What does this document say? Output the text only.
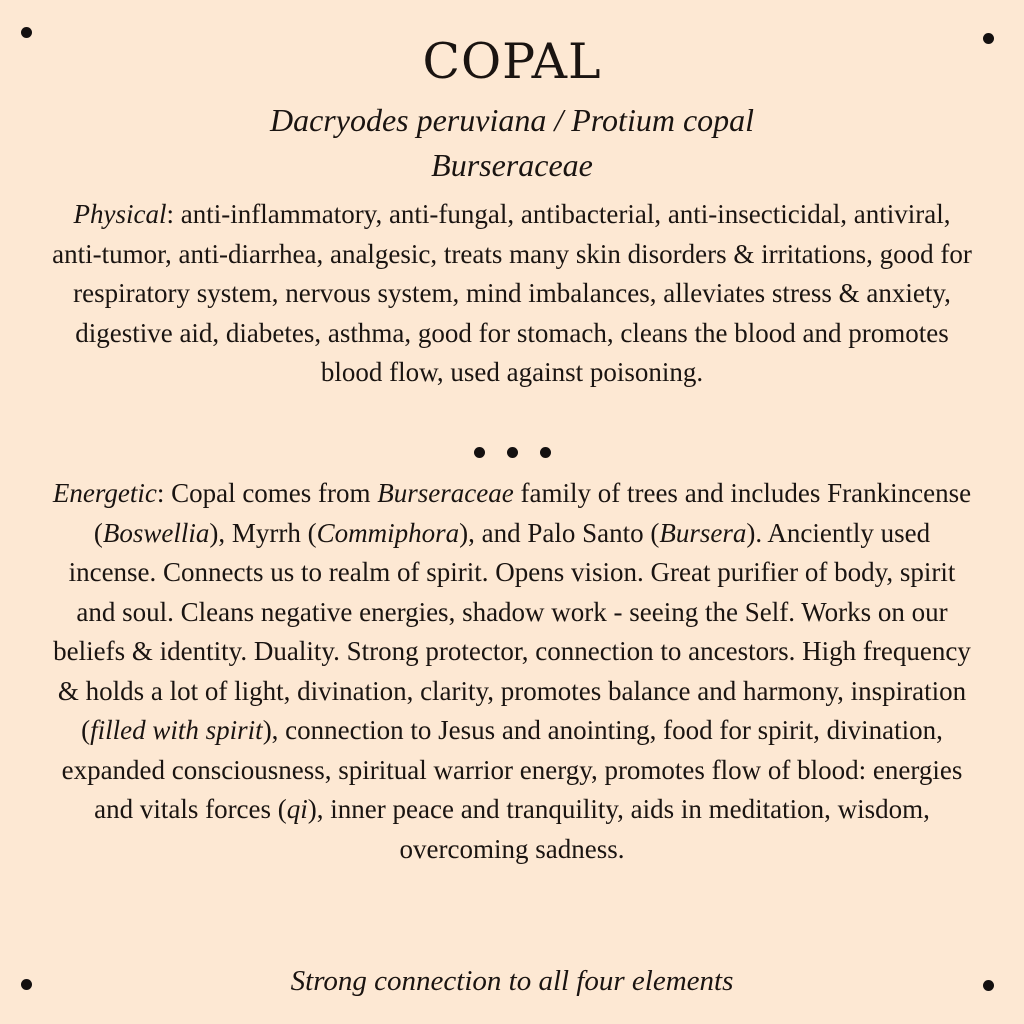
COPAL
Dacryodes peruviana / Protium copal
Burseraceae

Physical: anti-inflammatory, anti-fungal, antibacterial, anti-insecticidal, antiviral, anti-tumor, anti-diarrhea, analgesic, treats many skin disorders & irritations, good for respiratory system, nervous system, mind imbalances, alleviates stress & anxiety, digestive aid, diabetes, asthma, good for stomach, cleans the blood and promotes blood flow, used against poisoning.

Energetic: Copal comes from Burseraceae family of trees and includes Frankincense (Boswellia), Myrrh (Commiphora), and Palo Santo (Bursera). Anciently used incense. Connects us to realm of spirit. Opens vision. Great purifier of body, spirit and soul. Cleans negative energies, shadow work - seeing the Self. Works on our beliefs & identity. Duality. Strong protector, connection to ancestors. High frequency & holds a lot of light, divination, clarity, promotes balance and harmony, inspiration (filled with spirit), connection to Jesus and anointing, food for spirit, divination, expanded consciousness, spiritual warrior energy, promotes flow of blood: energies and vitals forces (qi), inner peace and tranquility, aids in meditation, wisdom, overcoming sadness.

Strong connection to all four elements
